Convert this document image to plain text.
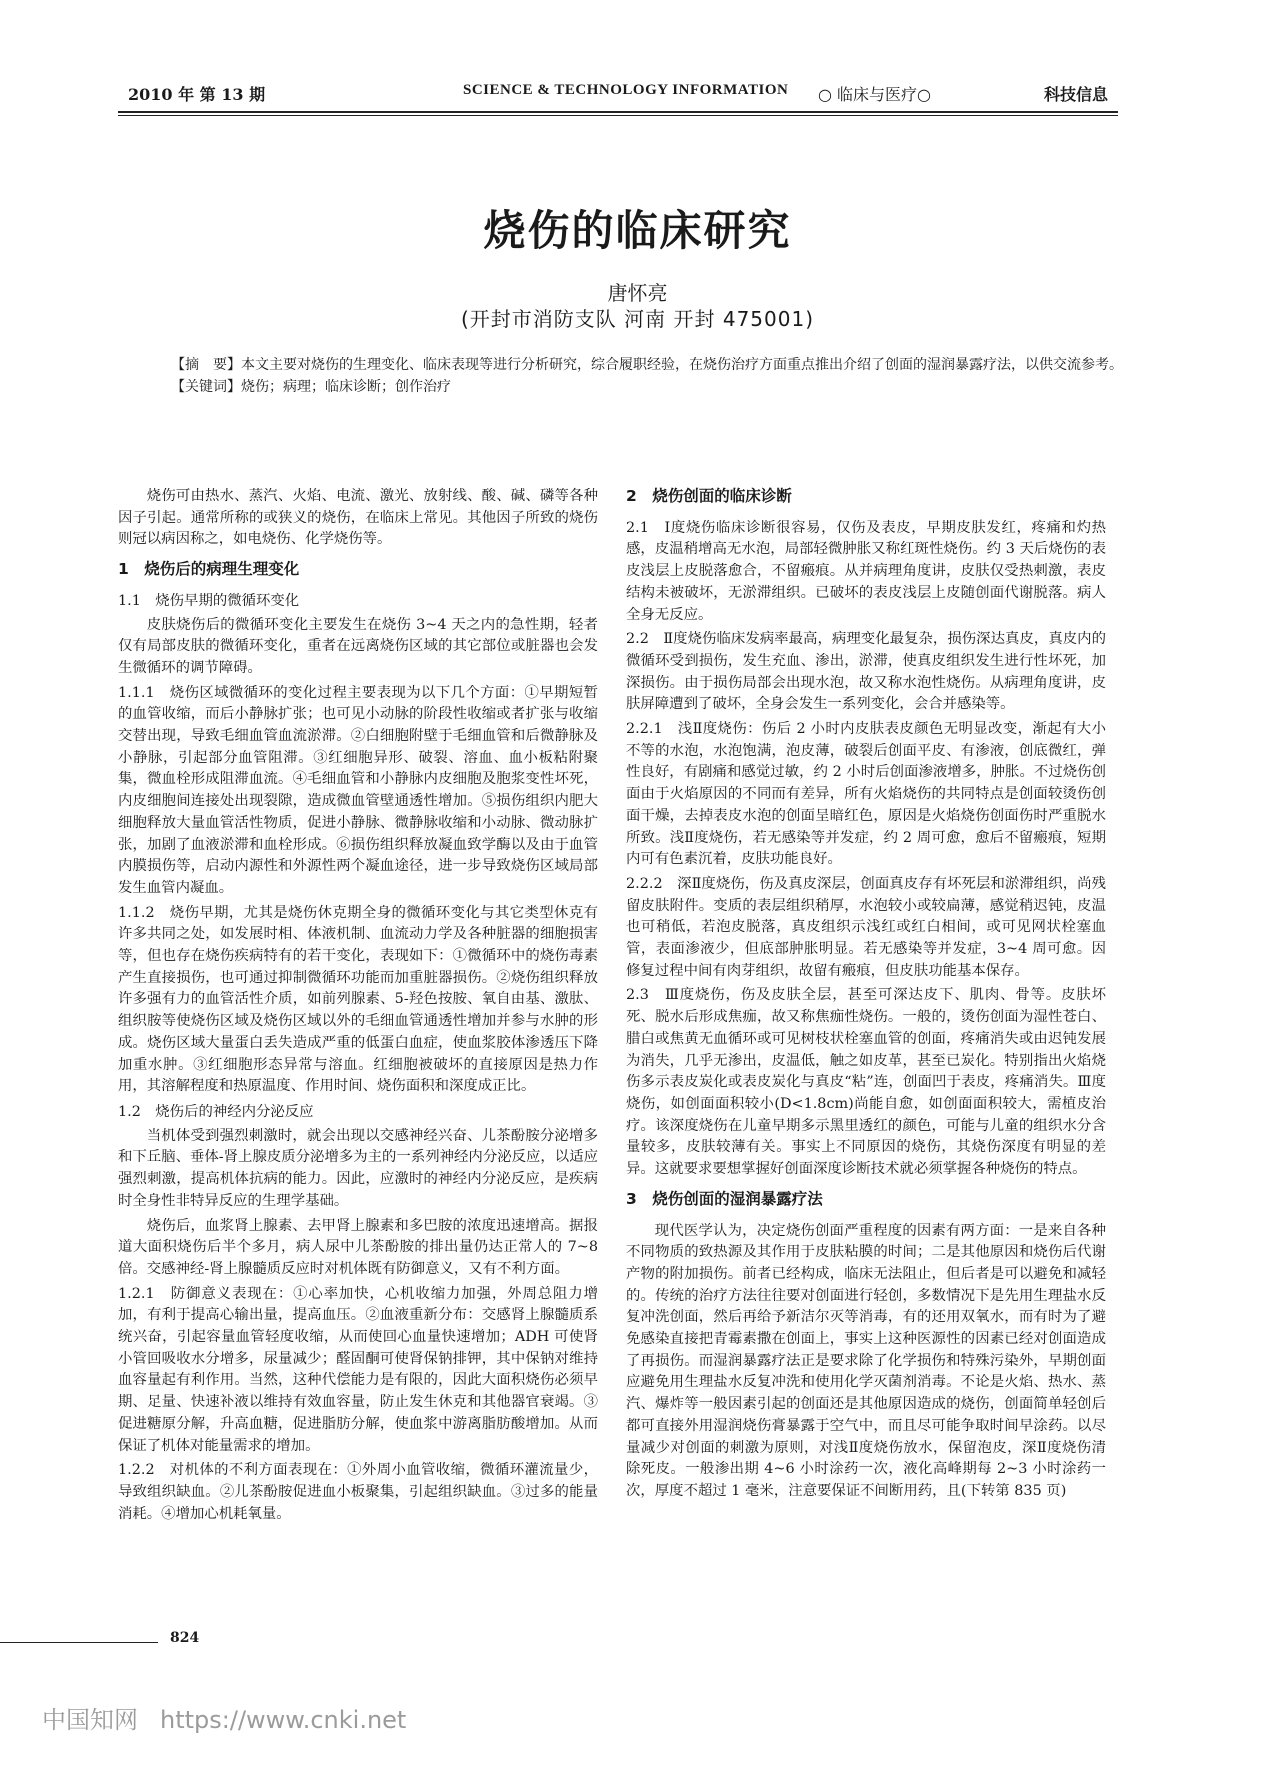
2010 年 第 13 期	SCIENCE & TECHNOLOGY INFORMATION ○ 临床与医疗○	科技信息
烧伤的临床研究
唐怀亮
(开封市消防支队 河南 开封 475001)

【摘　要】本文主要对烧伤的生理变化、临床表现等进行分析研究，综合履职经验，在烧伤治疗方面重点推出介绍了创面的湿润暴露疗法，以供交流参考。

【关键词】烧伤；病理；临床诊断；创作治疗

烧伤可由热水、蒸汽、火焰、电流、激光、放射线、酸、碱、磷等各种因子引起。通常所称的或狭义的烧伤，在临床上常见。其他因子所致的烧伤则冠以病因称之，如电烧伤、化学烧伤等。

1　烧伤后的病理生理变化
1.1　烧伤早期的微循环变化

皮肤烧伤后的微循环变化主要发生在烧伤 3~4 天之内的急性期，轻者仅有局部皮肤的微循环变化，重者在远离烧伤区域的其它部位或脏器也会发生微循环的调节障碍。

1.1.1　烧伤区域微循环的变化过程主要表现为以下几个方面：①早期短暂的血管收缩，而后小静脉扩张；也可见小动脉的阶段性收缩或者扩张与收缩交替出现，导致毛细血管血流淤滞。②白细胞附壁于毛细血管和后微静脉及小静脉，引起部分血管阻滞。③红细胞异形、破裂、溶血、血小板粘附聚集，微血栓形成阻滞血流。④毛细血管和小静脉内皮细胞及胞浆变性坏死，内皮细胞间连接处出现裂隙，造成微血管壁通透性增加。⑤损伤组织内肥大细胞释放大量血管活性物质，促进小静脉、微静脉收缩和小动脉、微动脉扩张，加剧了血液淤滞和血栓形成。⑥损伤组织释放凝血致学酶以及由于血管内膜损伤等，启动内源性和外源性两个凝血途径，进一步导致烧伤区域局部发生血管内凝血。

1.1.2　烧伤早期，尤其是烧伤休克期全身的微循环变化与其它类型休克有许多共同之处，如发展时相、体液机制、血流动力学及各种脏器的细胞损害等，但也存在烧伤疾病特有的若干变化，表现如下：①微循环中的烧伤毒素产生直接损伤，也可通过抑制微循环功能而加重脏器损伤。②烧伤组织释放许多强有力的血管活性介质，如前列腺素、5-羟色按胺、氧自由基、激肽、组织胺等使烧伤区域及烧伤区域以外的毛细血管通透性增加并参与水肿的形成。烧伤区域大量蛋白丢失造成严重的低蛋白血症，使血浆胶体渗透压下降加重水肿。③红细胞形态异常与溶血。红细胞被破坏的直接原因是热力作用，其溶解程度和热原温度、作用时间、烧伤面积和深度成正比。

1.2　烧伤后的神经内分泌反应

当机体受到强烈刺激时，就会出现以交感神经兴奋、儿茶酚胺分泌增多和下丘脑、垂体-肾上腺皮质分泌增多为主的一系列神经内分泌反应，以适应强烈刺激，提高机体抗病的能力。因此，应激时的神经内分泌反应，是疾病时全身性非特异反应的生理学基础。

烧伤后，血浆肾上腺素、去甲肾上腺素和多巴胺的浓度迅速增高。据报道大面积烧伤后半个多月，病人尿中儿茶酚胺的排出量仍达正常人的 7~8 倍。交感神经-肾上腺髓质反应时对机体既有防御意义，又有不利方面。

1.2.1　防御意义表现在：①心率加快，心机收缩力加强，外周总阻力增加，有利于提高心输出量，提高血压。②血液重新分布：交感肾上腺髓质系统兴奋，引起容量血管轻度收缩，从而使回心血量快速增加；ADH 可使肾小管回吸收水分增多，尿量减少；醛固酮可使肾保钠排钾，其中保钠对维持血容量起有利作用。当然，这种代偿能力是有限的，因此大面积烧伤必须早期、足量、快速补液以维持有效血容量，防止发生休克和其他器官衰竭。③促进糖原分解，升高血糖，促进脂肪分解，使血浆中游离脂肪酸增加。从而保证了机体对能量需求的增加。

1.2.2　对机体的不利方面表现在：①外周小血管收缩，微循环灌流量少，导致组织缺血。②儿茶酚胺促进血小板聚集，引起组织缺血。③过多的能量消耗。④增加心机耗氧量。

2　烧伤创面的临床诊断

2.1　Ⅰ度烧伤临床诊断很容易，仅伤及表皮，早期皮肤发红，疼痛和灼热感，皮温稍增高无水泡，局部轻微肿胀又称红斑性烧伤。约 3 天后烧伤的表皮浅层上皮脱落愈合，不留瘢痕。从并病理角度讲，皮肤仅受热刺激，表皮结构未被破坏，无淤滞组织。已破坏的表皮浅层上皮随创面代谢脱落。病人全身无反应。

2.2　Ⅱ度烧伤临床发病率最高，病理变化最复杂，损伤深达真皮，真皮内的微循环受到损伤，发生充血、渗出，淤滞，使真皮组织发生进行性坏死，加深损伤。由于损伤局部会出现水泡，故又称水泡性烧伤。从病理角度讲，皮肤屏障遭到了破坏，全身会发生一系列变化，会合并感染等。

2.2.1　浅Ⅱ度烧伤：伤后 2 小时内皮肤表皮颜色无明显改变，渐起有大小不等的水泡，水泡饱满，泡皮薄，破裂后创面平皮、有渗液，创底微红，弹性良好，有剧痛和感觉过敏，约 2 小时后创面渗液增多，肿胀。不过烧伤创面由于火焰原因的不同而有差异，所有火焰烧伤的共同特点是创面较烫伤创面干燥，去掉表皮水泡的创面呈暗红色，原因是火焰烧伤创面伤时严重脱水所致。浅Ⅱ度烧伤，若无感染等并发症，约 2 周可愈，愈后不留瘢痕，短期内可有色素沉着，皮肤功能良好。

2.2.2　深Ⅱ度烧伤，伤及真皮深层，创面真皮存有坏死层和淤滞组织，尚残留皮肤附件。变质的表层组织稍厚，水泡较小或较扁薄，感觉稍迟钝，皮温也可稍低，若泡皮脱落，真皮组织示浅红或红白相间，或可见网状栓塞血管，表面渗液少，但底部肿胀明显。若无感染等并发症，3~4 周可愈。因修复过程中间有肉芽组织，故留有瘢痕，但皮肤功能基本保存。

2.3　Ⅲ度烧伤，伤及皮肤全层，甚至可深达皮下、肌肉、骨等。皮肤坏死、脱水后形成焦痂，故又称焦痂性烧伤。一般的，烫伤创面为湿性苍白、腊白或焦黄无血循环或可见树枝状栓塞血管的创面，疼痛消失或由迟钝发展为消失，几乎无渗出，皮温低，触之如皮革，甚至已炭化。特别指出火焰烧伤多示表皮炭化或表皮炭化与真皮“粘”连，创面凹于表皮，疼痛消失。Ⅲ度烧伤，如创面面积较小(D<1.8cm)尚能自愈，如创面面积较大，需植皮治疗。该深度烧伤在儿童早期多示黑里透红的颜色，可能与儿童的组织水分含量较多，皮肤较薄有关。事实上不同原因的烧伤，其烧伤深度有明显的差异。这就要求要想掌握好创面深度诊断技术就必须掌握各种烧伤的特点。

3　烧伤创面的湿润暴露疗法

现代医学认为，决定烧伤创面严重程度的因素有两方面：一是来自各种不同物质的致热源及其作用于皮肤粘膜的时间；二是其他原因和烧伤后代谢产物的附加损伤。前者已经构成，临床无法阻止，但后者是可以避免和减轻的。传统的治疗方法往往要对创面进行轻创，多数情况下是先用生理盐水反复冲洗创面，然后再给予新洁尔灭等消毒，有的还用双氧水，而有时为了避免感染直接把青霉素撒在创面上，事实上这种医源性的因素已经对创面造成了再损伤。而湿润暴露疗法正是要求除了化学损伤和特殊污染外，早期创面应避免用生理盐水反复冲洗和使用化学灭菌剂消毒。不论是火焰、热水、蒸汽、爆炸等一般因素引起的创面还是其他原因造成的烧伤，创面简单轻创后都可直接外用湿润烧伤膏暴露于空气中，而且尽可能争取时间早涂药。以尽量减少对创面的刺激为原则，对浅Ⅱ度烧伤放水，保留泡皮，深Ⅱ度烧伤清除死皮。一般渗出期 4~6 小时涂药一次，液化高峰期每 2~3 小时涂药一次，厚度不超过 1 毫米，注意要保证不间断用药，且(下转第 835 页)

824
中国知网 https://www.cnki.net
